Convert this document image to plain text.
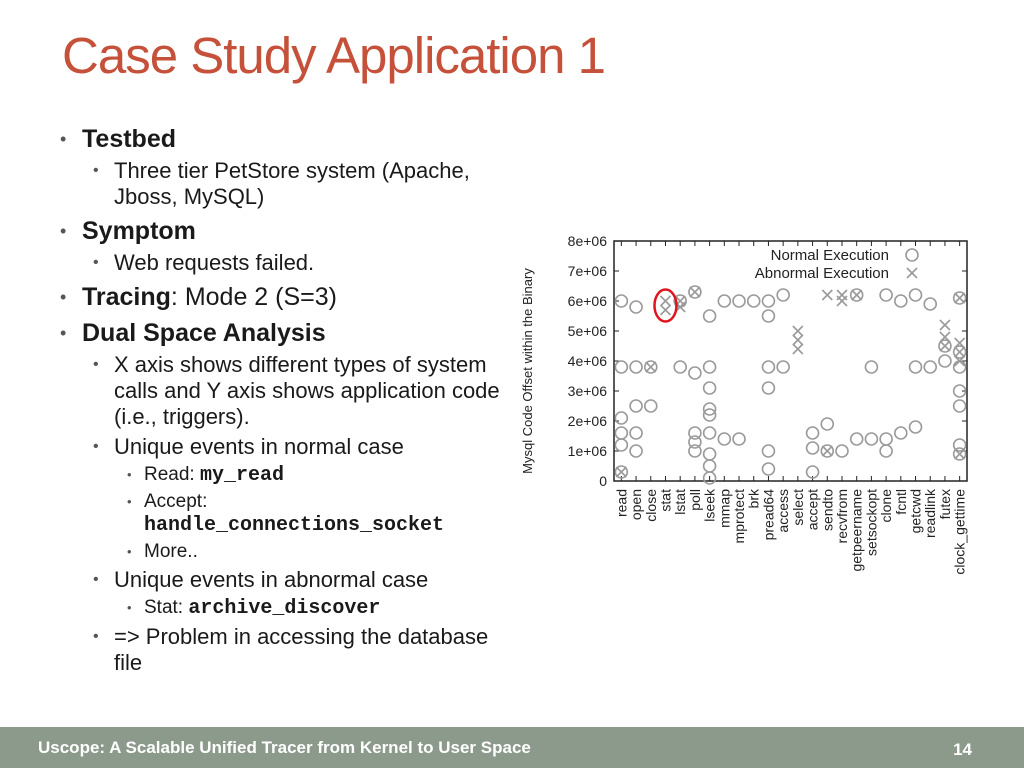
Case Study Application 1
• Testbed
• Three tier PetStore system (Apache, Jboss, MySQL)
• Symptom
• Web requests failed.
• Tracing: Mode 2 (S=3)
• Dual Space Analysis
• X axis shows different types of system calls and Y axis shows application code (i.e., triggers).
• Unique events in normal case
• Read: my_read
• Accept:
handle_connections_socket
• More..
• Unique events in abnormal case
• Stat: archive_discover
• => Problem in accessing the database file
0
1e+06
2e+06
3e+06
4e+06
5e+06
6e+06
7e+06
8e+06
read
open
close
stat
lstat
poll
lseek
mmap
mprotect
brk
pread64
access
select
accept
sendto
recvfrom
getpeername
setsockopt
clone
fcntl
getcwd
readlink
futex
clock_gettime
Mysql Code Offset within the Binary
Normal Execution
Abnormal Execution
Uscope: A Scalable Unified Tracer from Kernel to User Space	14
